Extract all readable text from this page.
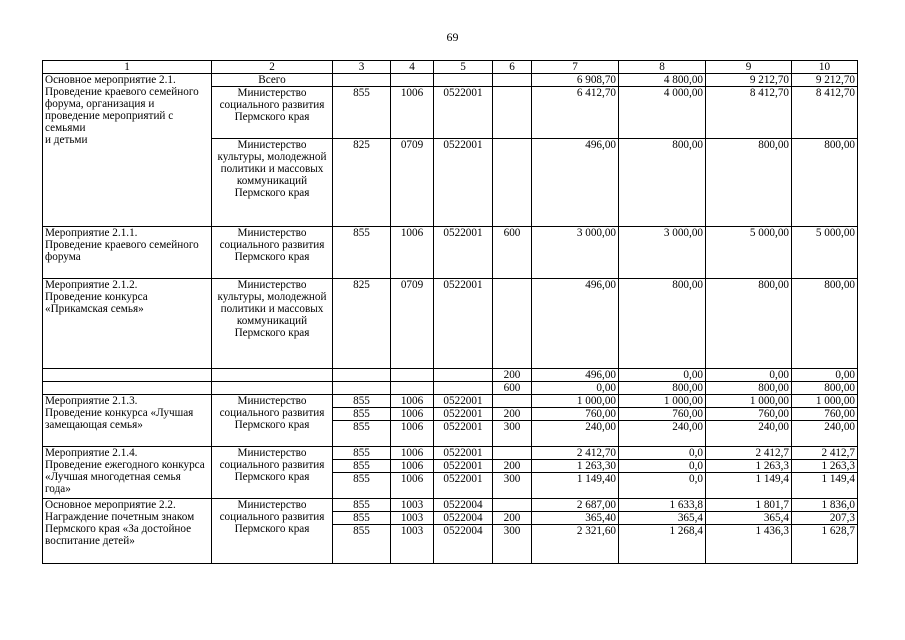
69
1	2	3	4	5	6	7	8	9	10
Основное мероприятие 2.1.
Проведение краевого семейного форума, организация и проведение мероприятий с семьями
и детьми	Всего					6 908,70	4 800,00	9 212,70	9 212,70
	Министерство социального развития Пермского края	855	1006	0522001		6 412,70	4 000,00	8 412,70	8 412,70
	Министерство культуры, молодежной политики и массовых коммуникаций Пермского края	825	0709	0522001		496,00	800,00	800,00	800,00
Мероприятие 2.1.1.
Проведение краевого семейного форума	Министерство социального развития Пермского края	855	1006	0522001	600	3 000,00	3 000,00	5 000,00	5 000,00
Мероприятие 2.1.2.
Проведение конкурса «Прикамская семья»	Министерство культуры, молодежной политики и массовых коммуникаций Пермского края	825	0709	0522001		496,00	800,00	800,00	800,00
					200	496,00	0,00	0,00	0,00
					600	0,00	800,00	800,00	800,00
Мероприятие 2.1.3.
Проведение конкурса «Лучшая замещающая семья»	Министерство социального развития Пермского края	855	1006	0522001		1 000,00	1 000,00	1 000,00	1 000,00
		855	1006	0522001	200	760,00	760,00	760,00	760,00
		855	1006	0522001	300	240,00	240,00	240,00	240,00
Мероприятие 2.1.4.
Проведение ежегодного конкурса «Лучшая многодетная семья года»	Министерство социального развития Пермского края	855	1006	0522001		2 412,70	0,0	2 412,7	2 412,7
		855	1006	0522001	200	1 263,30	0,0	1 263,3	1 263,3
		855	1006	0522001	300	1 149,40	0,0	1 149,4	1 149,4
Основное мероприятие 2.2.
Награждение почетным знаком Пермского края «За достойное воспитание детей»	Министерство социального развития Пермского края	855	1003	0522004		2 687,00	1 633,8	1 801,7	1 836,0
		855	1003	0522004	200	365,40	365,4	365,4	207,3
		855	1003	0522004	300	2 321,60	1 268,4	1 436,3	1 628,7
